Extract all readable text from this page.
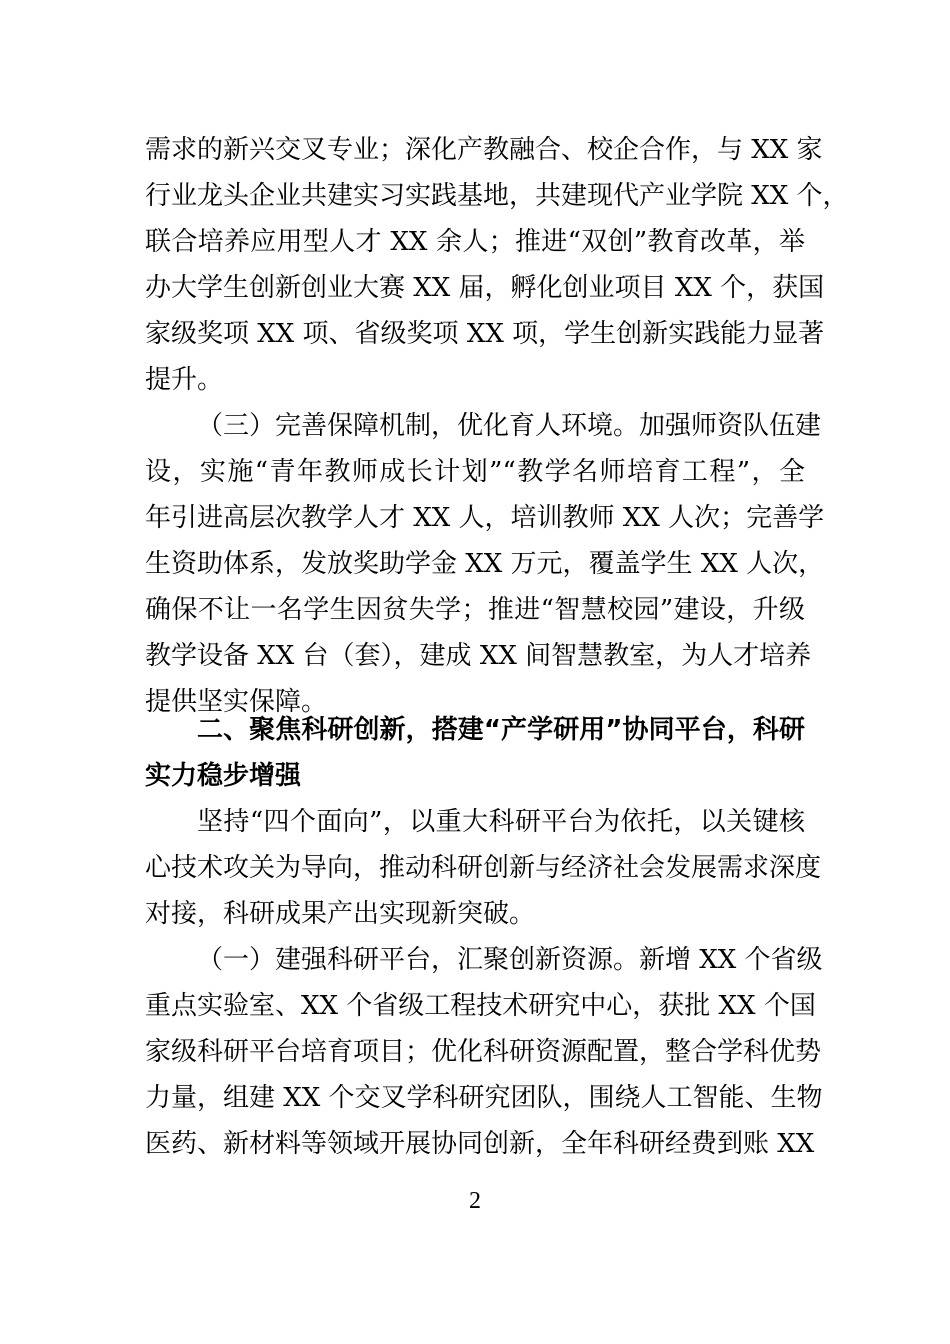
需求的新兴交叉专业；深化产教融合、校企合作，与 XX 家
行业龙头企业共建实习实践基地，共建现代产业学院 XX 个，
联合培养应用型人才 XX 余人；推进“双创”教育改革，举
办大学生创新创业大赛 XX 届，孵化创业项目 XX 个，获国
家级奖项 XX 项、省级奖项 XX 项，学生创新实践能力显著
提升。
（三）完善保障机制，优化育人环境。加强师资队伍建
设，实施“青年教师成长计划”“教学名师培育工程”，全
年引进高层次教学人才 XX 人，培训教师 XX 人次；完善学
生资助体系，发放奖助学金 XX 万元，覆盖学生 XX 人次，
确保不让一名学生因贫失学；推进“智慧校园”建设，升级
教学设备 XX 台（套），建成 XX 间智慧教室，为人才培养
提供坚实保障。
二、聚焦科研创新，搭建“产学研用”协同平台，科研
实力稳步增强
坚持“四个面向”，以重大科研平台为依托，以关键核
心技术攻关为导向，推动科研创新与经济社会发展需求深度
对接，科研成果产出实现新突破。
（一）建强科研平台，汇聚创新资源。新增 XX 个省级
重点实验室、XX 个省级工程技术研究中心，获批 XX 个国
家级科研平台培育项目；优化科研资源配置，整合学科优势
力量，组建 XX 个交叉学科研究团队，围绕人工智能、生物
医药、新材料等领域开展协同创新，全年科研经费到账 XX
2
